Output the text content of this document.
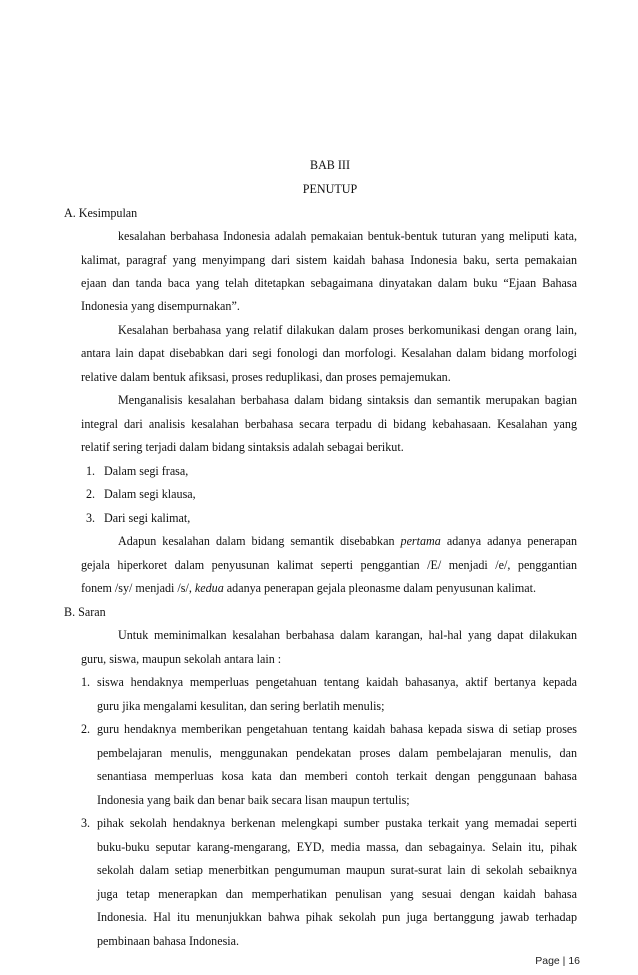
BAB III
PENUTUP
A. Kesimpulan
kesalahan berbahasa Indonesia adalah pemakaian bentuk-bentuk tuturan yang meliputi kata,
kalimat, paragraf yang menyimpang dari sistem kaidah bahasa Indonesia baku, serta pemakaian
ejaan dan tanda baca yang telah ditetapkan sebagaimana dinyatakan dalam buku “Ejaan Bahasa
Indonesia yang disempurnakan”.
Kesalahan berbahasa yang relatif dilakukan dalam proses berkomunikasi dengan orang lain,
antara lain dapat disebabkan dari segi fonologi dan morfologi. Kesalahan dalam bidang morfologi
relative dalam bentuk afiksasi, proses reduplikasi, dan proses pemajemukan.
Menganalisis kesalahan berbahasa dalam bidang sintaksis dan semantik merupakan bagian
integral dari analisis kesalahan berbahasa secara terpadu di bidang kebahasaan. Kesalahan yang
relatif sering terjadi dalam bidang sintaksis adalah sebagai berikut.
1. Dalam segi frasa,
2. Dalam segi klausa,
3. Dari segi kalimat,
Adapun kesalahan dalam bidang semantik disebabkan pertama adanya adanya penerapan
gejala hiperkoret dalam penyusunan kalimat seperti penggantian /E/ menjadi /e/, penggantian
fonem /sy/ menjadi /s/, kedua adanya penerapan gejala pleonasme dalam penyusunan kalimat.
B. Saran
Untuk meminimalkan kesalahan berbahasa dalam karangan, hal-hal yang dapat dilakukan
guru, siswa, maupun sekolah antara lain :
1. siswa hendaknya memperluas pengetahuan tentang kaidah bahasanya, aktif bertanya kepada
guru jika mengalami kesulitan, dan sering berlatih menulis;
2. guru hendaknya memberikan pengetahuan tentang kaidah bahasa kepada siswa di setiap proses
pembelajaran menulis, menggunakan pendekatan proses dalam pembelajaran menulis, dan
senantiasa memperluas kosa kata dan memberi contoh terkait dengan penggunaan bahasa
Indonesia yang baik dan benar baik secara lisan maupun tertulis;
3. pihak sekolah hendaknya berkenan melengkapi sumber pustaka terkait yang memadai seperti
buku-buku seputar karang-mengarang, EYD, media massa, dan sebagainya. Selain itu, pihak
sekolah dalam setiap menerbitkan pengumuman maupun surat-surat lain di sekolah sebaiknya
juga tetap menerapkan dan memperhatikan penulisan yang sesuai dengan kaidah bahasa
Indonesia. Hal itu menunjukkan bahwa pihak sekolah pun juga bertanggung jawab terhadap
pembinaan bahasa Indonesia.
Page | 16
